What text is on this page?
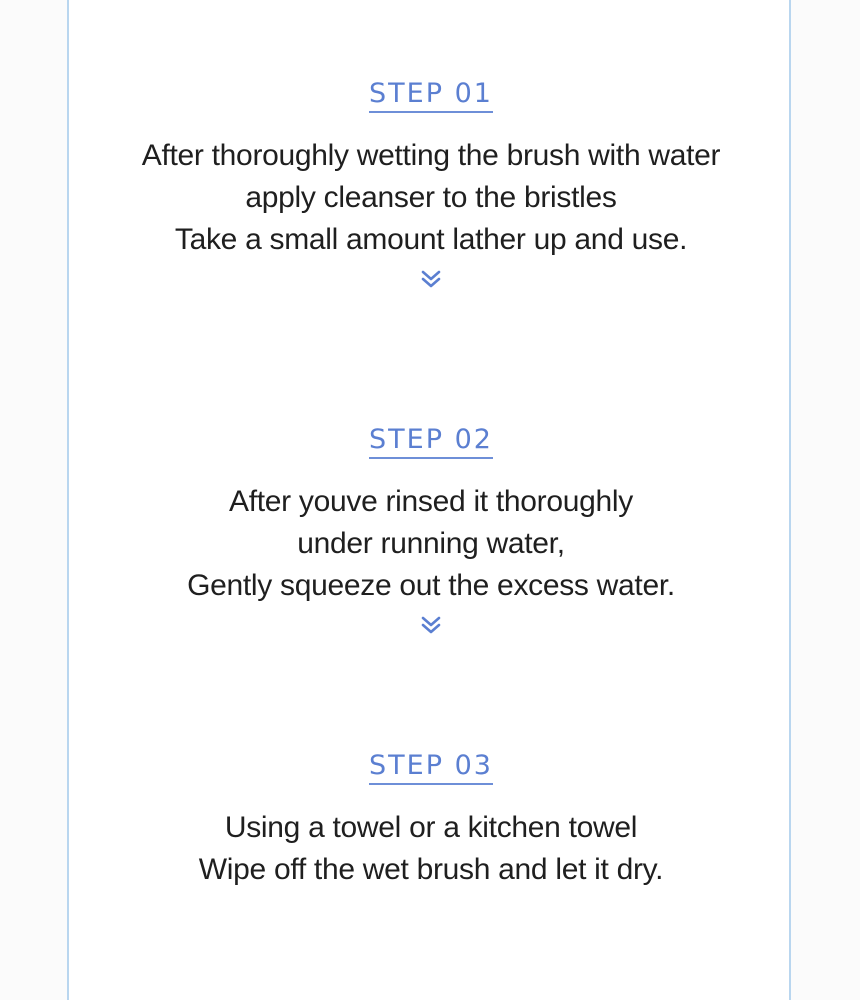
STEP 01
After thoroughly wetting the brush with water
apply cleanser to the bristles
Take a small amount lather up and use.
STEP 02
After youve rinsed it thoroughly
under running water,
Gently squeeze out the excess water.
STEP 03
Using a towel or a kitchen towel
Wipe off the wet brush and let it dry.
